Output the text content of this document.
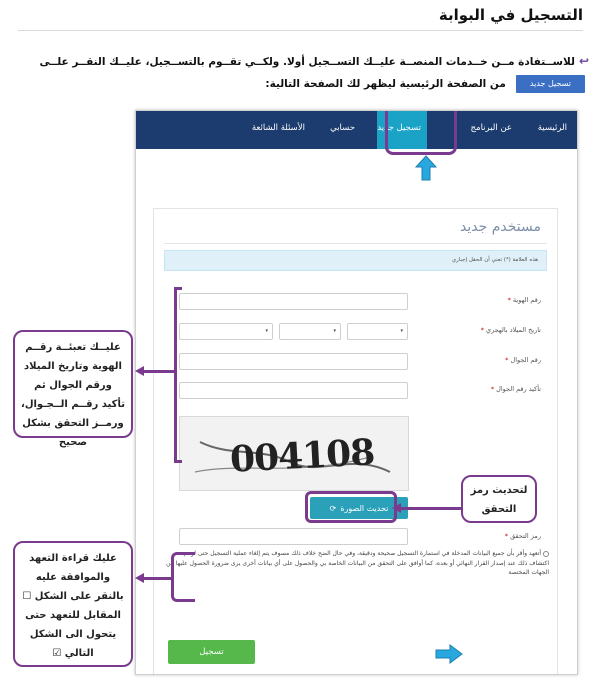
التسجيل في البوابة
↩للاســتفادة مــن خــدمات المنصــة عليــك التســجيل أولا. ولكــي تقــوم بالتســجيل، عليــك النقــر علــى
تسجيل جديدمن الصفحة الرئيسية ليظهر لك الصفحة التالية:
الرئيسية
عن البرنامج
تسجيل جديد
حسابي
الأسئلة الشائعة
مستخدم جديد
هذه العلامة (*) تعني أن الحقل إجباري
رقم الهوية *
تاريخ الميلاد بالهجري *
▾	▾	▾
رقم الجوال *
تأكيد رقم الجوال *
004108
تحديث الصورة
⟳
رمز التحقق *
أتعهد وأقر بأن جميع البيانات المدخلة في استمارة التسجيل صحيحة ودقيقة، وفي حال الضح خلاف ذلك مسوف يتم إلغاء عملية التسجيل حتى لو تم اكتشاف ذلك عند إصدار القرار النهائي أو بعده، كما أوافق على التحقق من البيانات الخاصة بي والحصول على أي بيانات أخرى يرى ضرورة الحصول عليها من الجهات المختصة
تسجيل
عليــك تعبئــة رقــم الهوية وتاريخ الميلاد ورقم الجوال ثم تأكيد رقــم الــجـوال، ورمــز التحقق بشكل صحيح
لتحديث رمز التحقق
عليك قراءة التعهد والموافقة عليه بالنقر على الشكل ☐ المقابل للتعهد حتى يتحول الى الشكل التالي ☑
